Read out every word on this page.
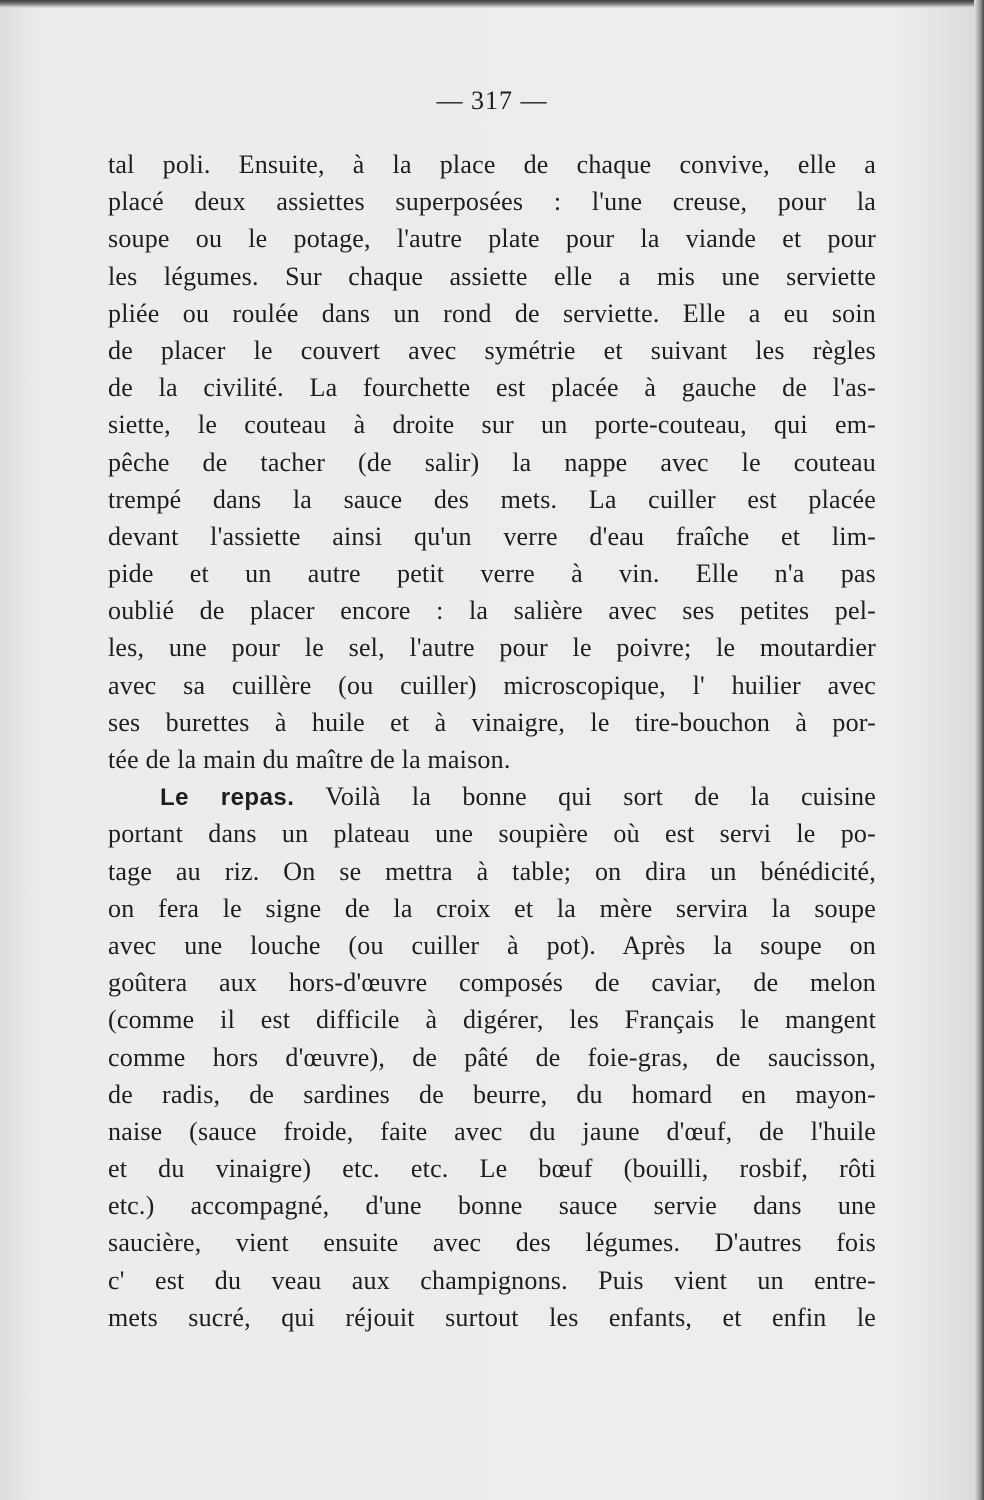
— 317 —
tal poli. Ensuite, à la place de chaque convive, elle a
placé deux assiettes superposées : l'une creuse, pour la
soupe ou le potage, l'autre plate pour la viande et pour
les légumes. Sur chaque assiette elle a mis une serviette
pliée ou roulée dans un rond de serviette. Elle a eu soin
de placer le couvert avec symétrie et suivant les règles
de la civilité. La fourchette est placée à gauche de l'as-
siette, le couteau à droite sur un porte-couteau, qui em-
pêche de tacher (de salir) la nappe avec le couteau
trempé dans la sauce des mets. La cuiller est placée
devant l'assiette ainsi qu'un verre d'eau fraîche et lim-
pide et un autre petit verre à vin. Elle n'a pas
oublié de placer encore : la salière avec ses petites pel-
les, une pour le sel, l'autre pour le poivre; le moutardier
avec sa cuillère (ou cuiller) microscopique, l' huilier avec
ses burettes à huile et à vinaigre, le tire-bouchon à por-
tée de la main du maître de la maison.
Le repas. Voilà la bonne qui sort de la cuisine
portant dans un plateau une soupière où est servi le po-
tage au riz. On se mettra à table; on dira un bénédicité,
on fera le signe de la croix et la mère servira la soupe
avec une louche (ou cuiller à pot). Après la soupe on
goûtera aux hors-d'œuvre composés de caviar, de melon
(comme il est difficile à digérer, les Français le mangent
comme hors d'œuvre), de pâté de foie-gras, de saucisson,
de radis, de sardines de beurre, du homard en mayon-
naise (sauce froide, faite avec du jaune d'œuf, de l'huile
et du vinaigre) etc. etc. Le bœuf (bouilli, rosbif, rôti
etc.) accompagné, d'une bonne sauce servie dans une
saucière, vient ensuite avec des légumes. D'autres fois
c' est du veau aux champignons. Puis vient un entre-
mets sucré, qui réjouit surtout les enfants, et enfin le
